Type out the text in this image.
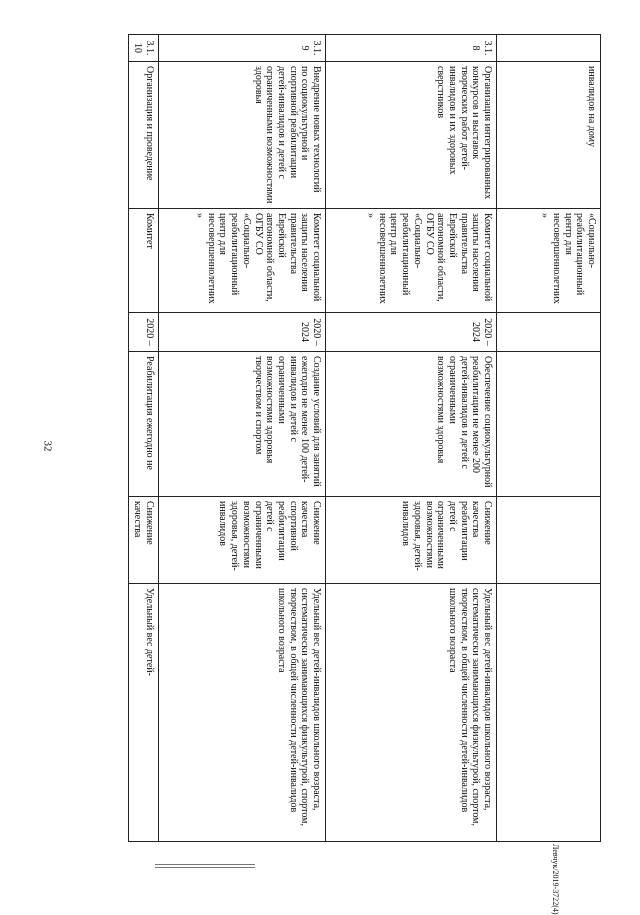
32
	инвалидов на дому	«Социально-реабилитационный центр для несовершеннолетних»				
3.1.8	Организация интегрированных конкурсов и выставок творческих работ детей-инвалидов и их здоровых сверстников	Комитет социальной защиты населения правительства Еврейской автономной области, ОГБУ СО «Социально-реабилитационный центр для несовершеннолетних»	2020 – 2024	Обеспечение социокультурной реабилитации не менее 200 детей-инвалидов и детей с ограниченными возможностями здоровья	Снижение качества реабилитации детей с ограниченными возможностями здоровья, детей-инвалидов	Удельный вес детей-инвалидов школьного возраста, систематически занимающихся физкультурой, спортом, творчеством, в общей численности детей-инвалидов школьного возраста
3.1.9	Внедрение новых технологий по социокультурной и спортивной реабилитации детей-инвалидов и детей с ограниченными возможностями здоровья	Комитет социальной защиты населения правительства Еврейской автономной области, ОГБУ СО «Социально-реабилитационный центр для несовершеннолетних»	2020 – 2024	Создание условий для занятий ежегодно не менее 100 детей-инвалидов и детей с ограниченными возможностями здоровья творчеством и спортом	Снижение качества спортивной реабилитации детей с ограниченными возможностями здоровья, детей-инвалидов	Удельный вес детей-инвалидов школьного возраста, систематически занимающихся физкультурой, спортом, творчеством, в общей численности детей-инвалидов школьного возраста
3.1.10	Организация и проведение	Комитет	2020 –	Реабилитация ежегодно не	Снижение качества	Удельный вес детей-
Левчук/2019-3722(4)
